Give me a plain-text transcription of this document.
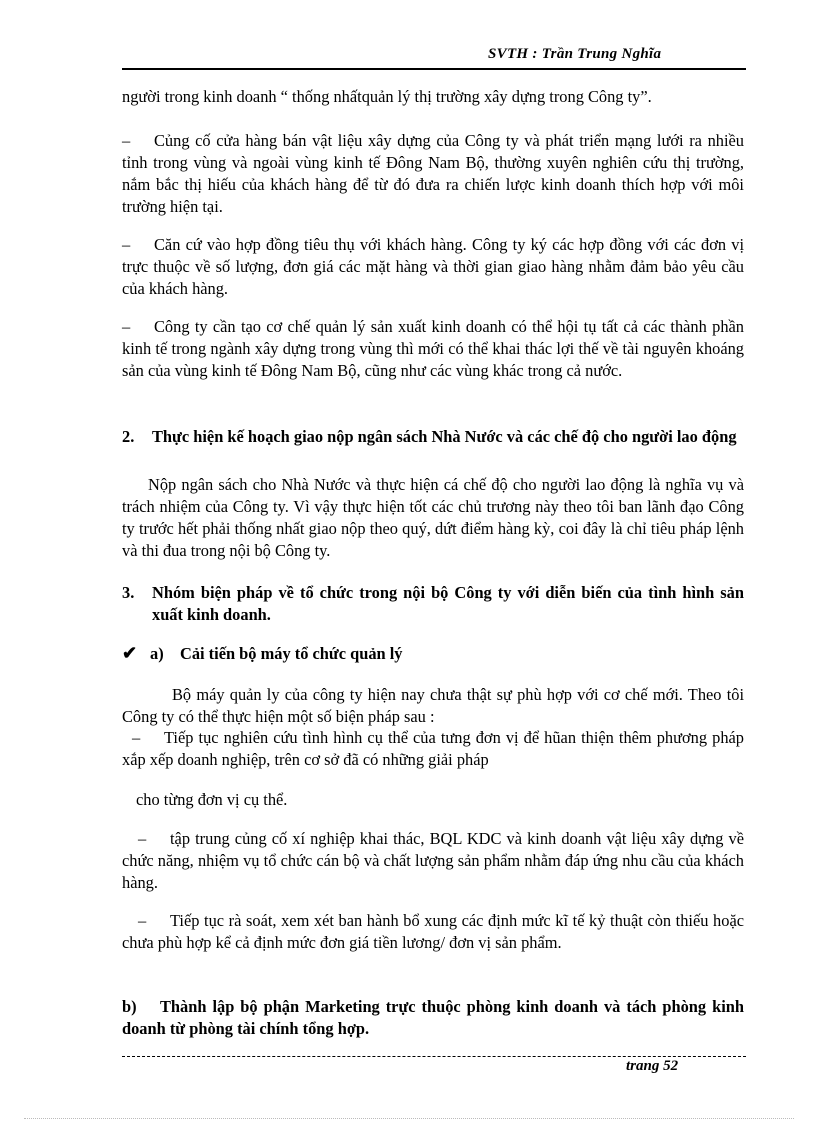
SVTH : Trần Trung Nghĩa
người trong kinh doanh “ thống nhấtquản lý thị trường xây dựng trong Công ty”.
– Củng cố cửa hàng bán vật liệu xây dựng của Công ty và phát triển mạng lưới ra nhiều tỉnh trong vùng và ngoài vùng kinh tế Đông Nam Bộ, thường xuyên nghiên cứu thị trường, nắm bắc thị hiếu của khách hàng để từ đó đưa ra chiến lược kinh doanh thích hợp với môi trường hiện tại.
– Căn cứ vào hợp đồng tiêu thụ với khách hàng. Công ty ký các hợp đồng với các đơn vị trực thuộc về số lượng, đơn giá các mặt hàng và thời gian giao hàng nhằm đảm bảo yêu cầu của khách hàng.
– Công ty cần tạo cơ chế quản lý sản xuất kinh doanh có thể hội tụ tất cả các thành phần kinh tế trong ngành xây dựng trong vùng thì mới có thể khai thác lợi thế về tài nguyên khoáng sản của vùng kinh tế Đông Nam Bộ, cũng như các vùng khác trong cả nước.
2. Thực hiện kế hoạch giao nộp ngân sách Nhà Nước và các chế độ cho người lao động
Nộp ngân sách cho Nhà Nước và thực hiện cá chế độ cho người lao động là nghĩa vụ và trách nhiệm của Công ty. Vì vậy thực hiện tốt các chủ trương này theo tôi ban lãnh đạo Công ty trước hết phải thống nhất giao nộp theo quý, dứt điểm hàng kỳ, coi đây là chỉ tiêu pháp lệnh và thi đua trong nội bộ Công ty.
3. Nhóm biện pháp về tổ chức trong nội bộ Công ty với diễn biến của tình hình sản xuất kinh doanh.
✔ a) Cải tiến bộ máy tổ chức quản lý
Bộ máy quản ly của công ty hiện nay chưa thật sự phù hợp với cơ chế mới. Theo tôi Công ty có thể thực hiện một số biện pháp sau :
– Tiếp tục nghiên cứu tình hình cụ thể của tưng đơn vị để hũan thiện thêm phương pháp xắp xếp doanh nghiệp, trên cơ sở đã có những giải pháp
cho từng đơn vị cụ thể.
– tập trung củng cố xí nghiệp khai thác, BQL KDC và kinh doanh vật liệu xây dựng về chức năng, nhiệm vụ tổ chức cán bộ và chất lượng sản phẩm nhằm đáp ứng nhu cầu của khách hàng.
– Tiếp tục rà soát, xem xét ban hành bổ xung các định mức kĩ tế kỷ thuật còn thiếu hoặc chưa phù hợp kể cả định mức đơn giá tiền lương/ đơn vị sản phẩm.
b)	Thành lập bộ phận Marketing trực thuộc phòng kinh doanh và tách phòng kinh doanh từ phòng tài chính tổng hợp.
trang 52
